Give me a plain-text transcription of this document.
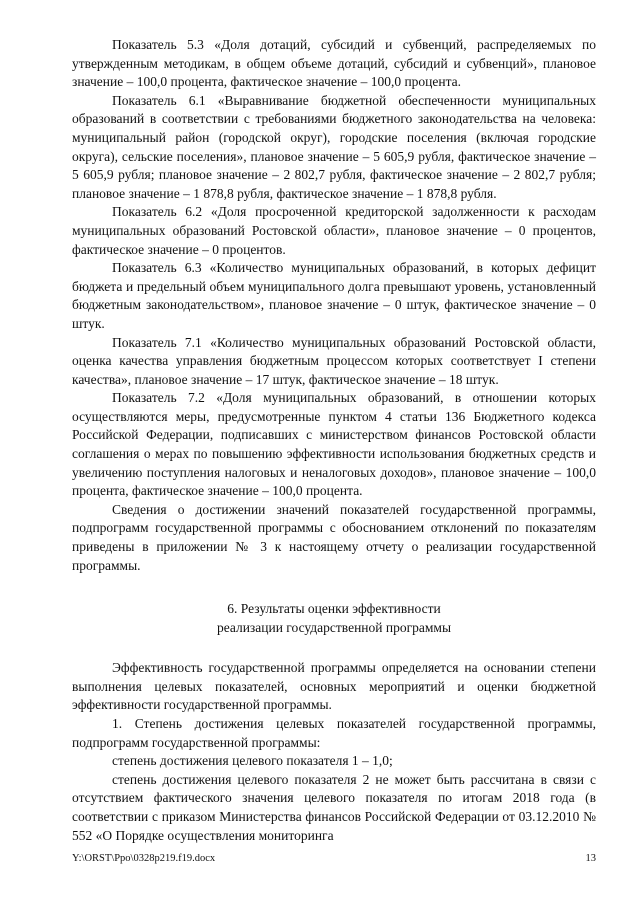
Показатель 5.3 «Доля дотаций, субсидий и субвенций, распределяемых по утвержденным методикам, в общем объеме дотаций, субсидий и субвенций», плановое значение – 100,0 процента, фактическое значение – 100,0 процента.

Показатель 6.1 «Выравнивание бюджетной обеспеченности муниципальных образований в соответствии с требованиями бюджетного законодательства на человека: муниципальный район (городской округ), городские поселения (включая городские округа), сельские поселения», плановое значение – 5 605,9 рубля, фактическое значение – 5 605,9 рубля; плановое значение – 2 802,7 рубля, фактическое значение – 2 802,7 рубля; плановое значение – 1 878,8 рубля, фактическое значение – 1 878,8 рубля.

Показатель 6.2 «Доля просроченной кредиторской задолженности к расходам муниципальных образований Ростовской области», плановое значение – 0 процентов, фактическое значение – 0 процентов.

Показатель 6.3 «Количество муниципальных образований, в которых дефицит бюджета и предельный объем муниципального долга превышают уровень, установленный бюджетным законодательством», плановое значение – 0 штук, фактическое значение – 0 штук.

Показатель 7.1 «Количество муниципальных образований Ростовской области, оценка качества управления бюджетным процессом которых соответствует I степени качества», плановое значение – 17 штук, фактическое значение – 18 штук.

Показатель 7.2 «Доля муниципальных образований, в отношении которых осуществляются меры, предусмотренные пунктом 4 статьи 136 Бюджетного кодекса Российской Федерации, подписавших с министерством финансов Ростовской области соглашения о мерах по повышению эффективности использования бюджетных средств и увеличению поступления налоговых и неналоговых доходов», плановое значение – 100,0 процента, фактическое значение – 100,0 процента.

Сведения о достижении значений показателей государственной программы, подпрограмм государственной программы с обоснованием отклонений по показателям приведены в приложении № 3 к настоящему отчету о реализации государственной программы.

6. Результаты оценки эффективности
реализации государственной программы

Эффективность государственной программы определяется на основании степени выполнения целевых показателей, основных мероприятий и оценки бюджетной эффективности государственной программы.

1. Степень достижения целевых показателей государственной программы, подпрограмм государственной программы:

степень достижения целевого показателя 1 – 1,0;

степень достижения целевого показателя 2 не может быть рассчитана в связи с отсутствием фактического значения целевого показателя по итогам 2018 года (в соответствии с приказом Министерства финансов Российской Федерации от 03.12.2010 № 552 «О Порядке осуществления мониторинга

Y:\ORST\Ppo\0328p219.f19.docx	13
